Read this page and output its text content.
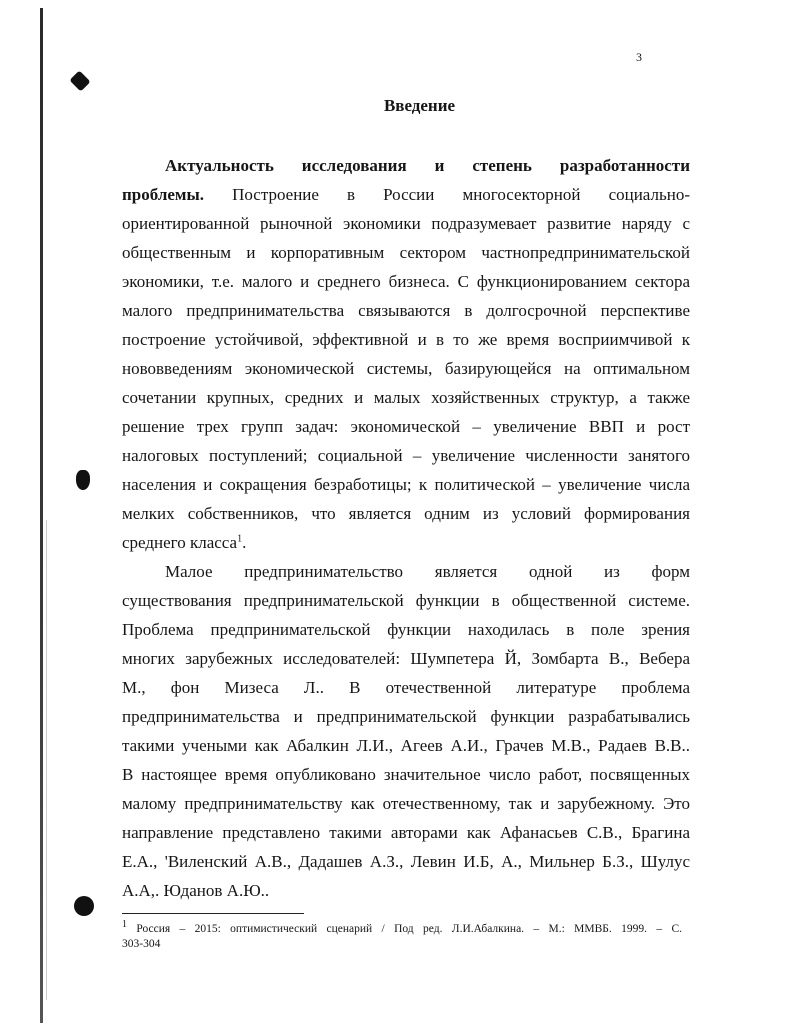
3
Введение
Актуальность исследования и степень разработанности
проблемы. Построение в России многосекторной социально-
ориентированной рыночной экономики подразумевает развитие наряду с
общественным и корпоративным сектором частнопредпринимательской
экономики, т.е. малого и среднего бизнеса. С функционированием сектора
малого предпринимательства связываются в долгосрочной перспективе
построение устойчивой, эффективной и в то же время восприимчивой к
нововведениям экономической системы, базирующейся на оптимальном
сочетании крупных, средних и малых хозяйственных структур, а также
решение трех групп задач: экономической – увеличение ВВП и рост
налоговых поступлений; социальной – увеличение численности занятого
населения и сокращения безработицы; к политической – увеличение числа
мелких собственников, что является одним из условий формирования
среднего класса$^1$.
Малое предпринимательство является одной из форм
существования предпринимательской функции в общественной системе.
Проблема предпринимательской функции находилась в поле зрения
многих зарубежных исследователей: Шумпетера Й, Зомбарта В., Вебера
М., фон Мизеса Л.. В отечественной литературе проблема
предпринимательства и предпринимательской функции разрабатывались
такими учеными как Абалкин Л.И., Агеев А.И., Грачев М.В., Радаев В.В..
В настоящее время опубликовано значительное число работ, посвященных
малому предпринимательству как отечественному, так и зарубежному. Это
направление представлено такими авторами как Афанасьев С.В., Брагина
Е.А., 'Виленский А.В., Дадашев А.З., Левин И.Б, А., Мильнер Б.З., Шулус
А.А,. Юданов А.Ю..
$^1$ Россия – 2015: оптимистический сценарий / Под ред. Л.И.Абалкина. – М.: ММВБ. 1999. – С.
303-304
